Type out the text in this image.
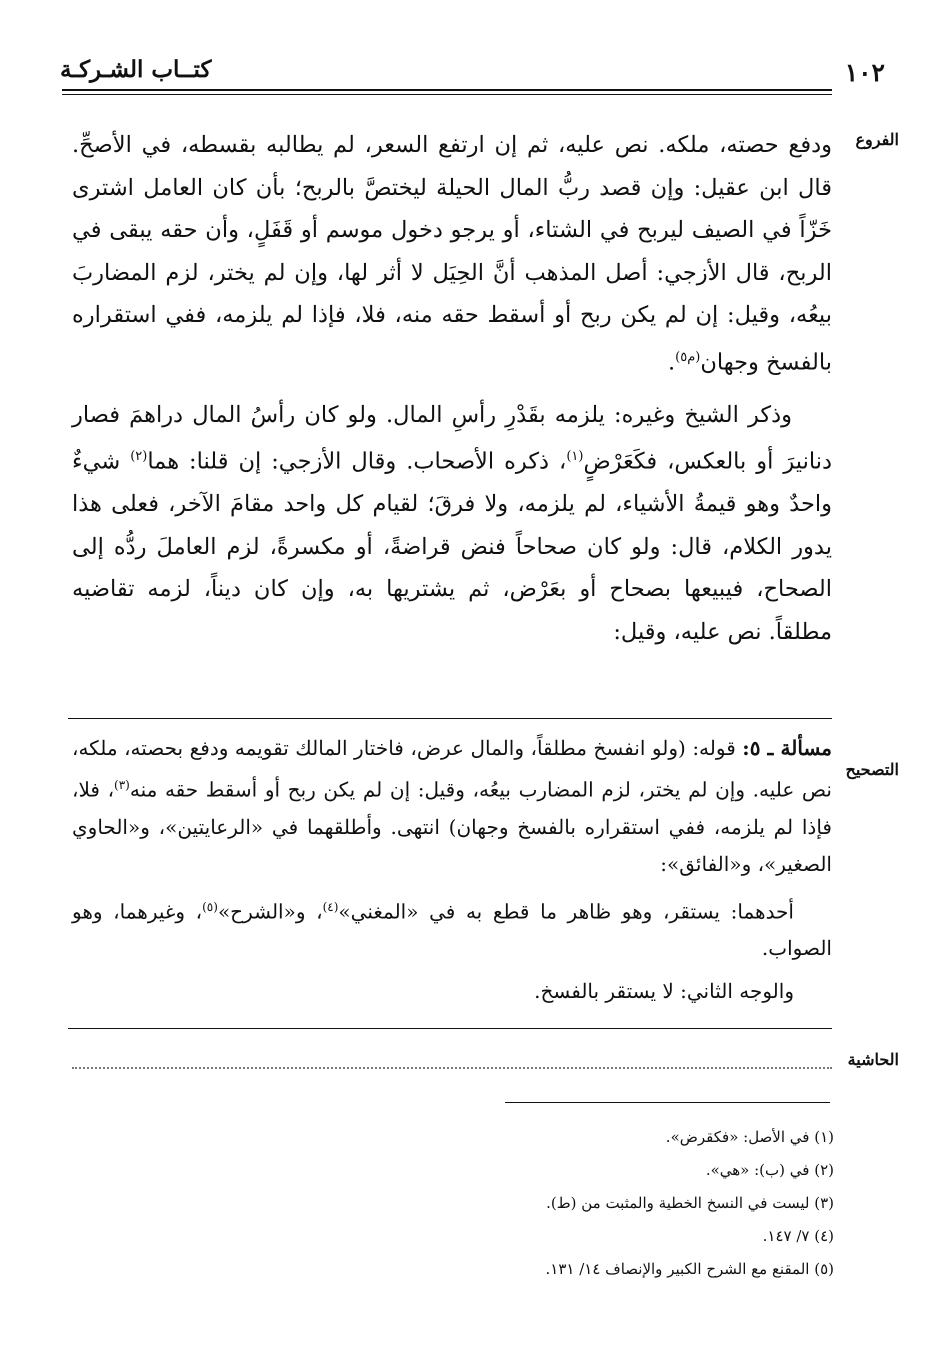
١٠٢
كتــاب الشـركـة
الفروع

ودفع حصته، ملكه. نص عليه، ثم إن ارتفع السعر، لم يطالبه بقسطه، في الأصحِّ. قال ابن عقيل: وإن قصد ربُّ المال الحيلة ليختصَّ بالربح؛ بأن كان العامل اشترى خَزّاً في الصيف ليربح في الشتاء، أو يرجو دخول موسم أو قَفَلٍ، وأن حقه يبقى في الربح، قال الأزجي: أصل المذهب أنَّ الحِيَل لا أثر لها، وإن لم يختر، لزم المضاربَ بيعُه، وقيل: إن لم يكن ربح أو أسقط حقه منه، فلا، فإذا لم يلزمه، ففي استقراره بالفسخ وجهان$^{(م٥)}$.

وذكر الشيخ وغيره: يلزمه بقَدْرِ رأسِ المال. ولو كان رأسُ المال دراهمَ فصار دنانيرَ أو بالعكس، فكَعَرْضٍ$^{(١)}$، ذكره الأصحاب. وقال الأزجي: إن قلنا: هما$^{(٢)}$ شيءٌ واحدٌ وهو قيمةُ الأشياء، لم يلزمه، ولا فرقَ؛ لقيام كل واحد مقامَ الآخر، فعلى هذا يدور الكلام، قال: ولو كان صحاحاً فنض قراضةً، أو مكسرةً، لزم العاملَ ردُّه إلى الصحاح، فيبيعها بصحاح أو بعَرْض، ثم يشتريها به، وإن كان ديناً، لزمه تقاضيه مطلقاً. نص عليه، وقيل:

التصحيح

مسألة ـ ٥: قوله: (ولو انفسخ مطلقاً، والمال عرض، فاختار المالك تقويمه ودفع بحصته، ملكه، نص عليه. وإن لم يختر، لزم المضارب بيعُه، وقيل: إن لم يكن ربح أو أسقط حقه منه$^{(٣)}$، فلا، فإذا لم يلزمه، ففي استقراره بالفسخ وجهان) انتهى. وأطلقهما في «الرعايتين»، و«الحاوي الصغير»، و«الفائق»:

أحدهما: يستقر، وهو ظاهر ما قطع به في «المغني»$^{(٤)}$، و«الشرح»$^{(٥)}$، وغيرهما، وهو الصواب.

والوجه الثاني: لا يستقر بالفسخ.

الحاشية
(١) في الأصل: «فكقرض».
(٢) في (ب): «هي».
(٣) ليست في النسخ الخطية والمثبت من (ط).
(٤) ٧/ ١٤٧.
(٥) المقنع مع الشرح الكبير والإنصاف ١٤/ ١٣١.
